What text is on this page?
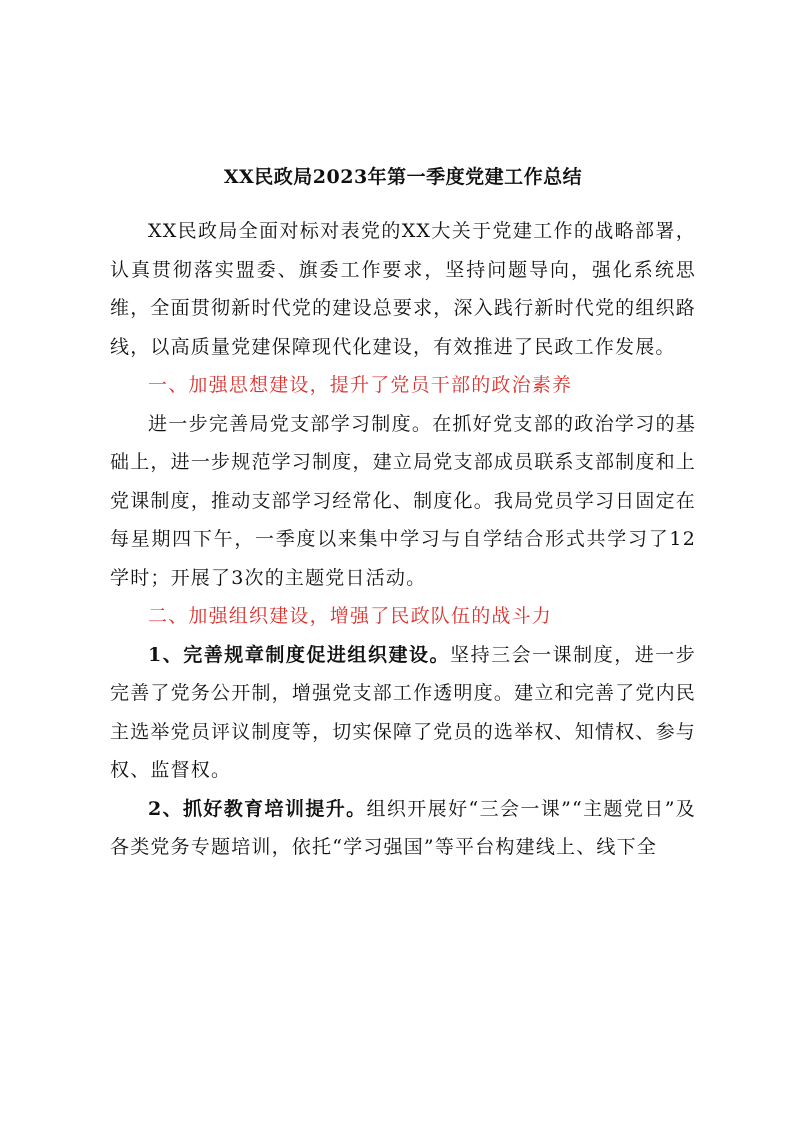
XX民政局2023年第一季度党建工作总结

XX民政局全面对标对表党的XX大关于党建工作的战略部署，认真贯彻落实盟委、旗委工作要求，坚持问题导向，强化系统思维，全面贯彻新时代党的建设总要求，深入践行新时代党的组织路线，以高质量党建保障现代化建设，有效推进了民政工作发展。

一、加强思想建设，提升了党员干部的政治素养

进一步完善局党支部学习制度。在抓好党支部的政治学习的基础上，进一步规范学习制度，建立局党支部成员联系支部制度和上党课制度，推动支部学习经常化、制度化。我局党员学习日固定在每星期四下午，一季度以来集中学习与自学结合形式共学习了12学时；开展了3次的主题党日活动。

二、加强组织建设，增强了民政队伍的战斗力

1、完善规章制度促进组织建设。坚持三会一课制度，进一步完善了党务公开制，增强党支部工作透明度。建立和完善了党内民主选举党员评议制度等，切实保障了党员的选举权、知情权、参与权、监督权。

2、抓好教育培训提升。组织开展好“三会一课”“主题党日”及各类党务专题培训，依托“学习强国”等平台构建线上、线下全
